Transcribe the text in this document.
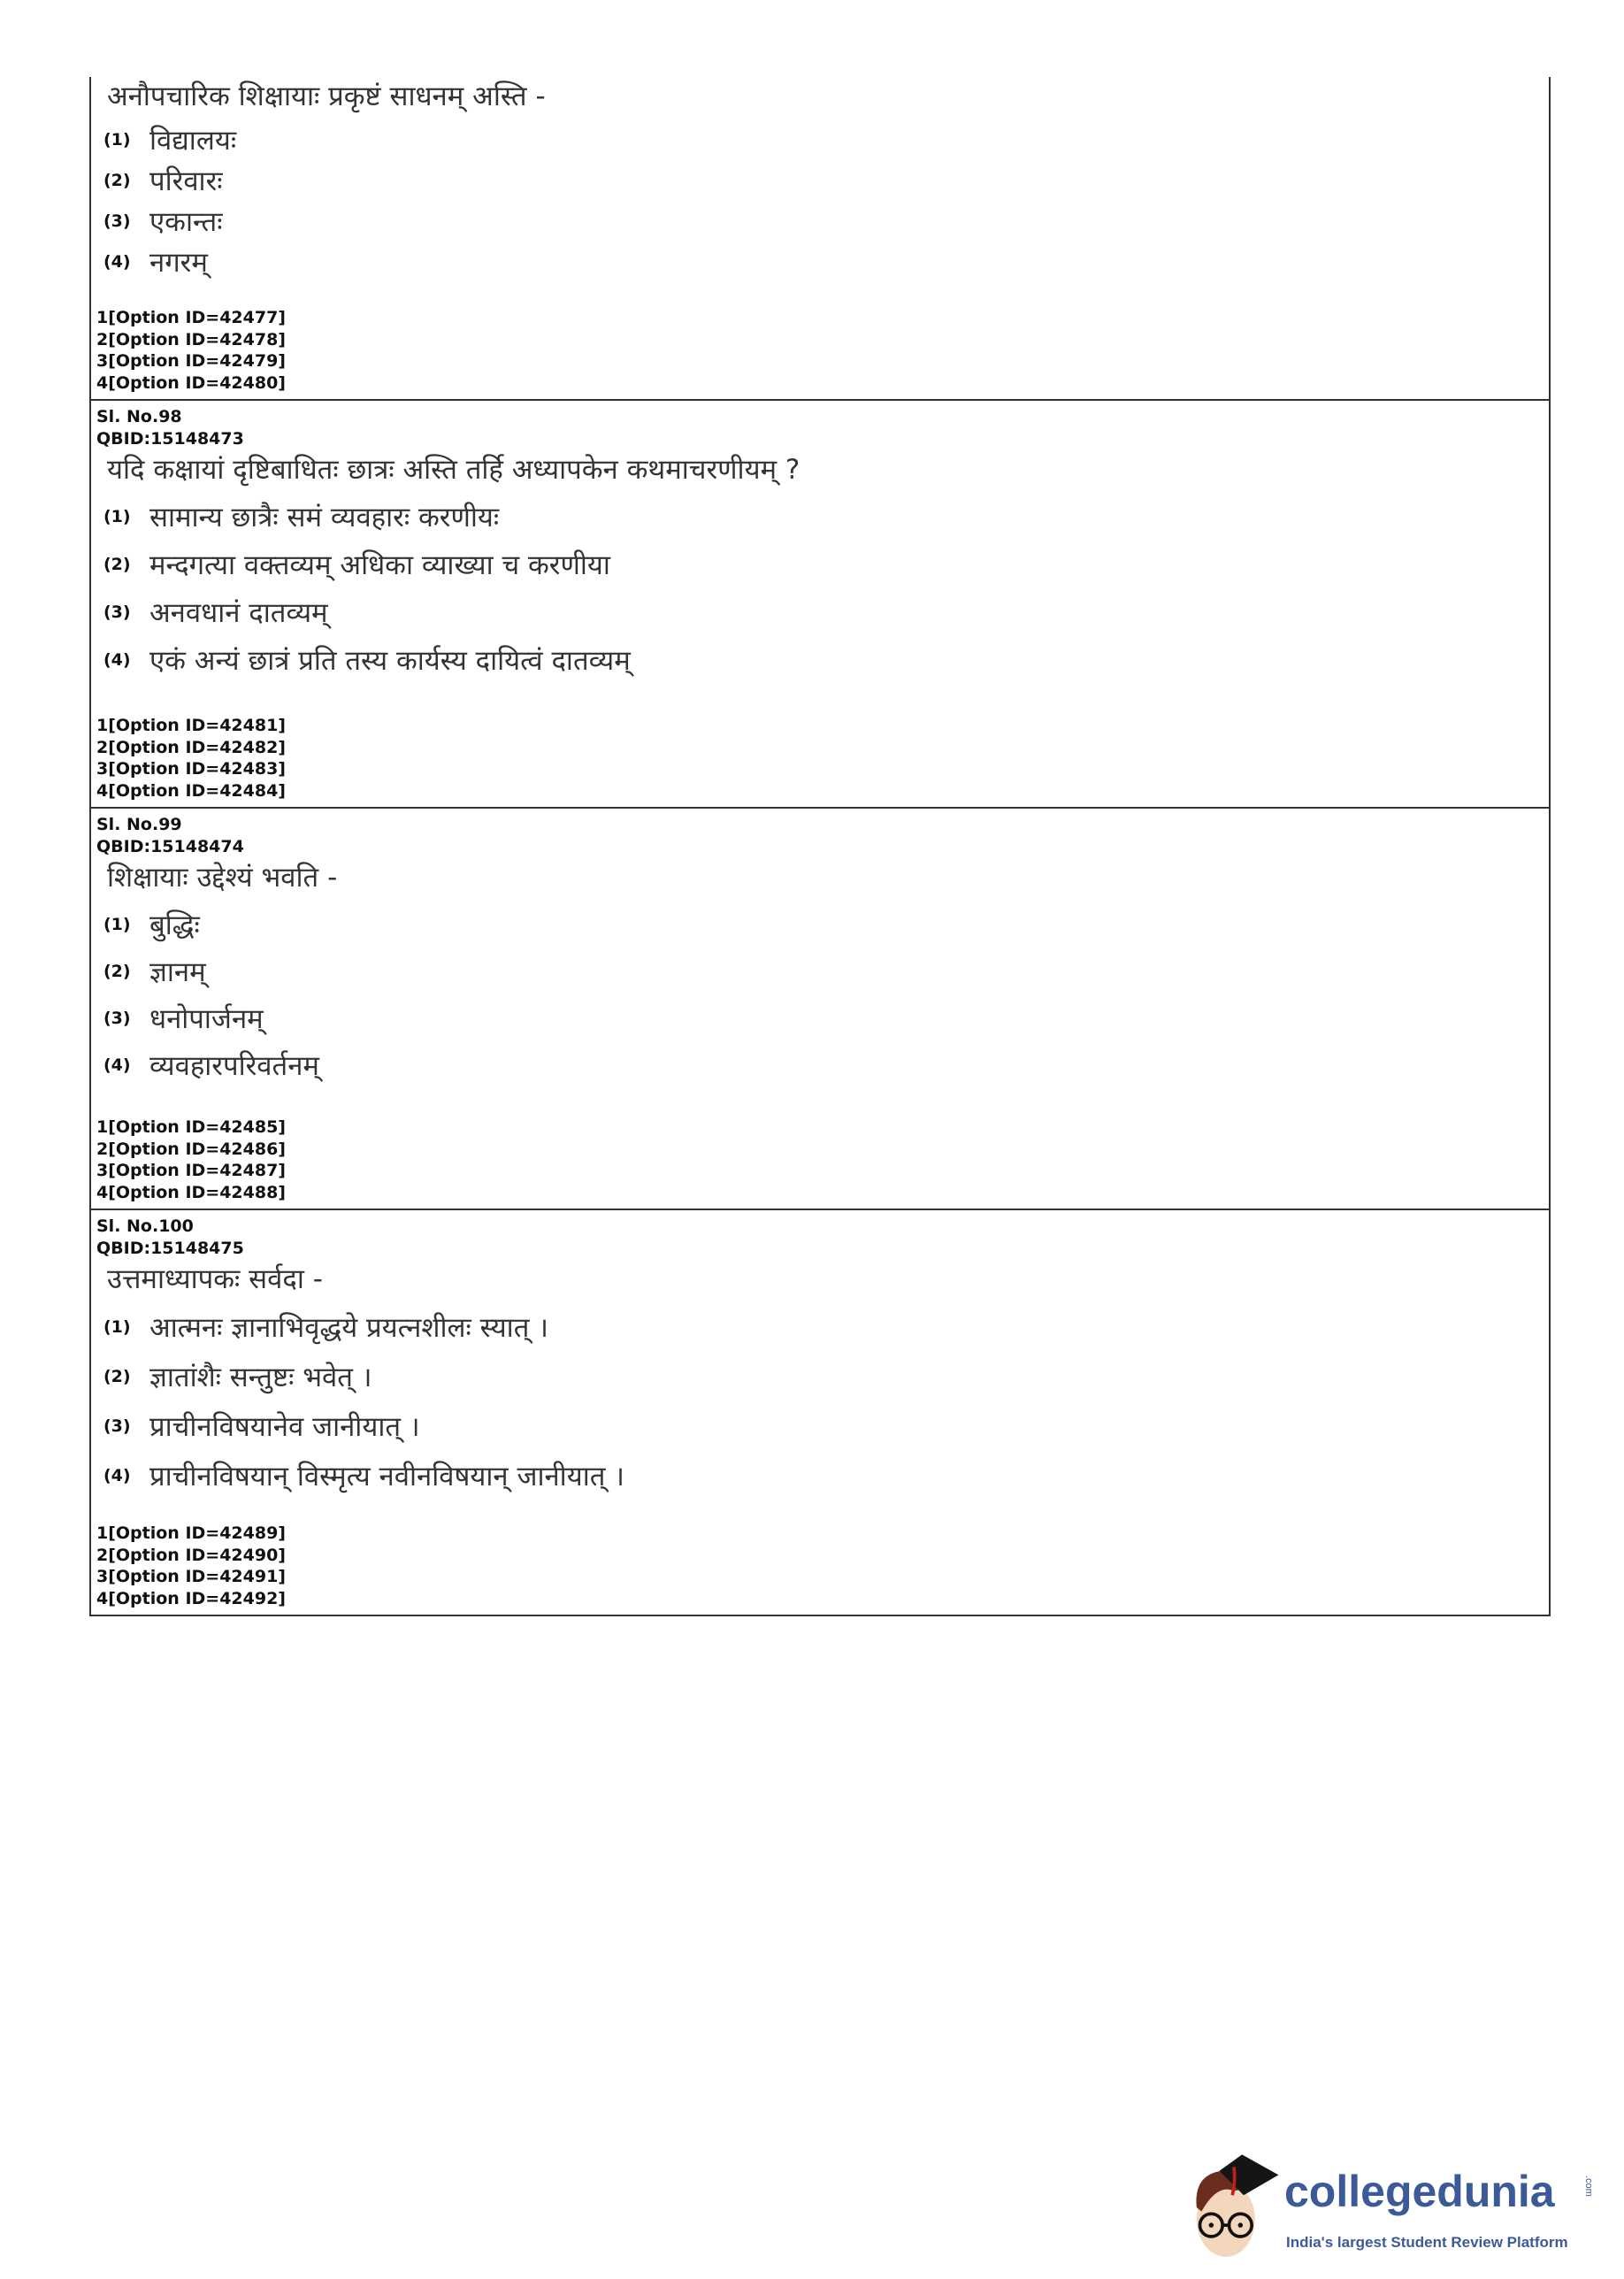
अनौपचारिक शिक्षायाः प्रकृष्टं साधनम् अस्ति -
(1) विद्यालयः
(2) परिवारः
(3) एकान्तः
(4) नगरम्
1[Option ID=42477]
2[Option ID=42478]
3[Option ID=42479]
4[Option ID=42480]
Sl. No.98
QBID:15148473
यदि कक्षायां दृष्टिबाधितः छात्रः अस्ति तर्हि अध्यापकेन कथमाचरणीयम् ?
(1) सामान्य छात्रैः समं व्यवहारः करणीयः
(2) मन्दगत्या वक्तव्यम् अधिका व्याख्या च करणीया
(3) अनवधानं दातव्यम्
(4) एकं अन्यं छात्रं प्रति तस्य कार्यस्य दायित्वं दातव्यम्
1[Option ID=42481]
2[Option ID=42482]
3[Option ID=42483]
4[Option ID=42484]
Sl. No.99
QBID:15148474
शिक्षायाः उद्देश्यं भवति -
(1) बुद्धिः
(2) ज्ञानम्
(3) धनोपार्जनम्
(4) व्यवहारपरिवर्तनम्
1[Option ID=42485]
2[Option ID=42486]
3[Option ID=42487]
4[Option ID=42488]
Sl. No.100
QBID:15148475
उत्तमाध्यापकः सर्वदा -
(1) आत्मनः ज्ञानाभिवृद्धये प्रयत्नशीलः स्यात् ।
(2) ज्ञातांशैः सन्तुष्टः भवेत् ।
(3) प्राचीनविषयानेव जानीयात् ।
(4) प्राचीनविषयान् विस्मृत्य नवीनविषयान् जानीयात् ।
1[Option ID=42489]
2[Option ID=42490]
3[Option ID=42491]
4[Option ID=42492]
collegedunia	.com
India's largest Student Review Platform
